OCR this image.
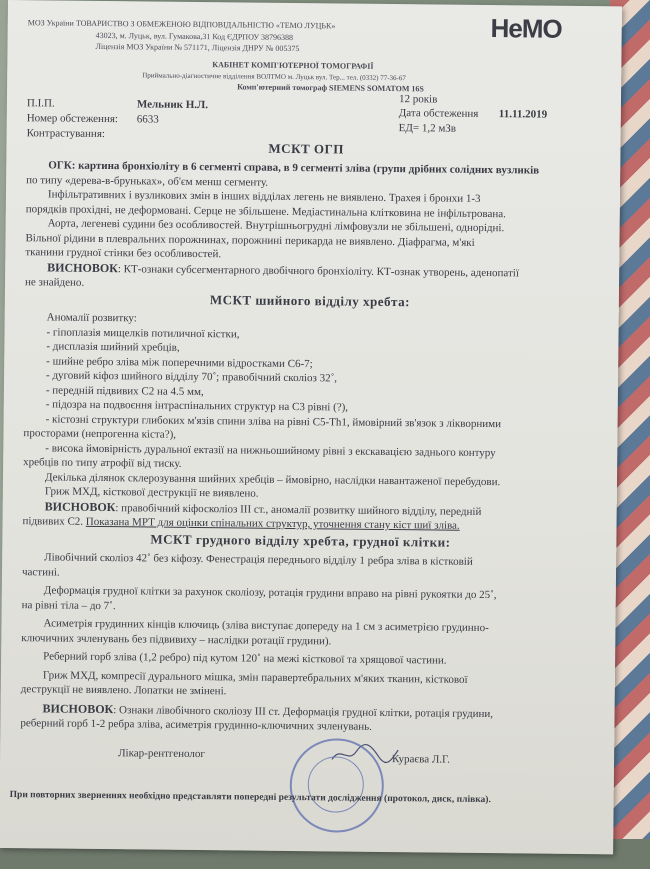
МОЗ України ТОВАРИСТВО З ОБМЕЖЕНОЮ ВІДПОВІДАЛЬНІСТЮ «ТЕМО ЛУЦЬК»
43023, м. Луцьк, вул. Гумакова,31 Код ЄДРПОУ 38796388
Ліцензія МОЗ України № 571171, Ліцензія ДНРУ № 005375
НеМО
КАБІНЕТ КОМП'ЮТЕРНОЇ ТОМОГРАФІЇ
Приймально-діагностичне відділення ВОЛТМО м. Луцьк вул. Тер... тел. (0332) 77-36-67
Комп'ютерний томограф SIEMENS SOMATOM 16S
П.І.П.	Мельник Н.Л.	12 років
Номер обстеження: 6633	Дата обстеження 11.11.2019
Контрастування:	ЕД= 1,2 мЗв
МСКТ ОГП

ОГК: картина бронхіоліту в 6 сегменті справа, в 9 сегменті зліва (групи дрібних солідних вузликів

по типу «дерева-в-бруньках», об'єм менш сегменту.

Інфільтративних і вузликових змін в інших відділах легень не виявлено. Трахея і бронхи 1-3

порядків прохідні, не деформовані. Серце не збільшене. Медіастинальна клітковина не інфільтрована.

Аорта, легеневі судини без особливостей. Внутрішньогрудні лімфовузли не збільшені, однорідні.

Вільної рідини в плевральних порожнинах, порожнині перикарда не виявлено. Діафрагма, м'які

тканини грудної стінки без особливостей.

ВИСНОВОК: КТ-ознаки субсегментарного двобічного бронхіоліту. КТ-ознак утворень, аденопатії

не знайдено.

МСКТ шийного відділу хребта:

Аномалії розвитку:

- гіпоплазія мищелків потиличної кістки,

- дисплазія шийний хребців,

- шийне ребро зліва між поперечними відростками С6-7;

- дуговий кіфоз шийного відділу 70˚; правобічний сколіоз 32˚,

- передній підвивих С2 на 4.5 мм,

- підозра на подвоєння інтраспінальних структур на С3 рівні (?),

- кістозні структури глибоких м'язів спини зліва на рівні С5-Th1, ймовірний зв'язок з лікворними

просторами (непрогенна кіста?),

- висока ймовірність дуральної ектазії на нижньошийному рівні з екскавацією заднього контуру

хребців по типу атрофії від тиску.

Декілька ділянок склерозування шийних хребців – ймовірно, наслідки навантаженої перебудови.

Гриж МХД, кісткової деструкції не виявлено.

ВИСНОВОК: правобічний кіфосколіоз ІІІ ст., аномалії розвитку шийного відділу, передній

підвивих С2. Показана МРТ для оцінки спінальних структур, уточнення стану кіст шиї зліва.

МСКТ грудного відділу хребта, грудної клітки:

Лівобічний сколіоз 42˚ без кіфозу. Фенестрація переднього відділу 1 ребра зліва в кістковій

частині.

Деформація грудної клітки за рахунок сколіозу, ротація грудини вправо на рівні рукоятки до 25˚,

на рівні тіла – до 7˚.

Асиметрія грудинних кінців ключиць (зліва виступає допереду на 1 см з асиметрією грудинно-

ключичних зчленувань без підвивиху – наслідки ротації грудини).

Реберний горб зліва (1,2 ребро) під кутом 120˚ на межі кісткової та хрящової частини.

Гриж МХД, компресії дурального мішка, змін паравертебральних м'яких тканин, кісткової

деструкції не виявлено. Лопатки не змінені.

ВИСНОВОК: Ознаки лівобічного сколіозу ІІІ ст. Деформація грудної клітки, ротація грудини,

реберний горб 1-2 ребра зліва, асиметрія грудинно-ключичних зчленувань.

Лікар-рентгенолог	Кураєва Л.Г.
При повторних зверненнях необхідно представляти попередні результати дослідження (протокол, диск, плівка).
